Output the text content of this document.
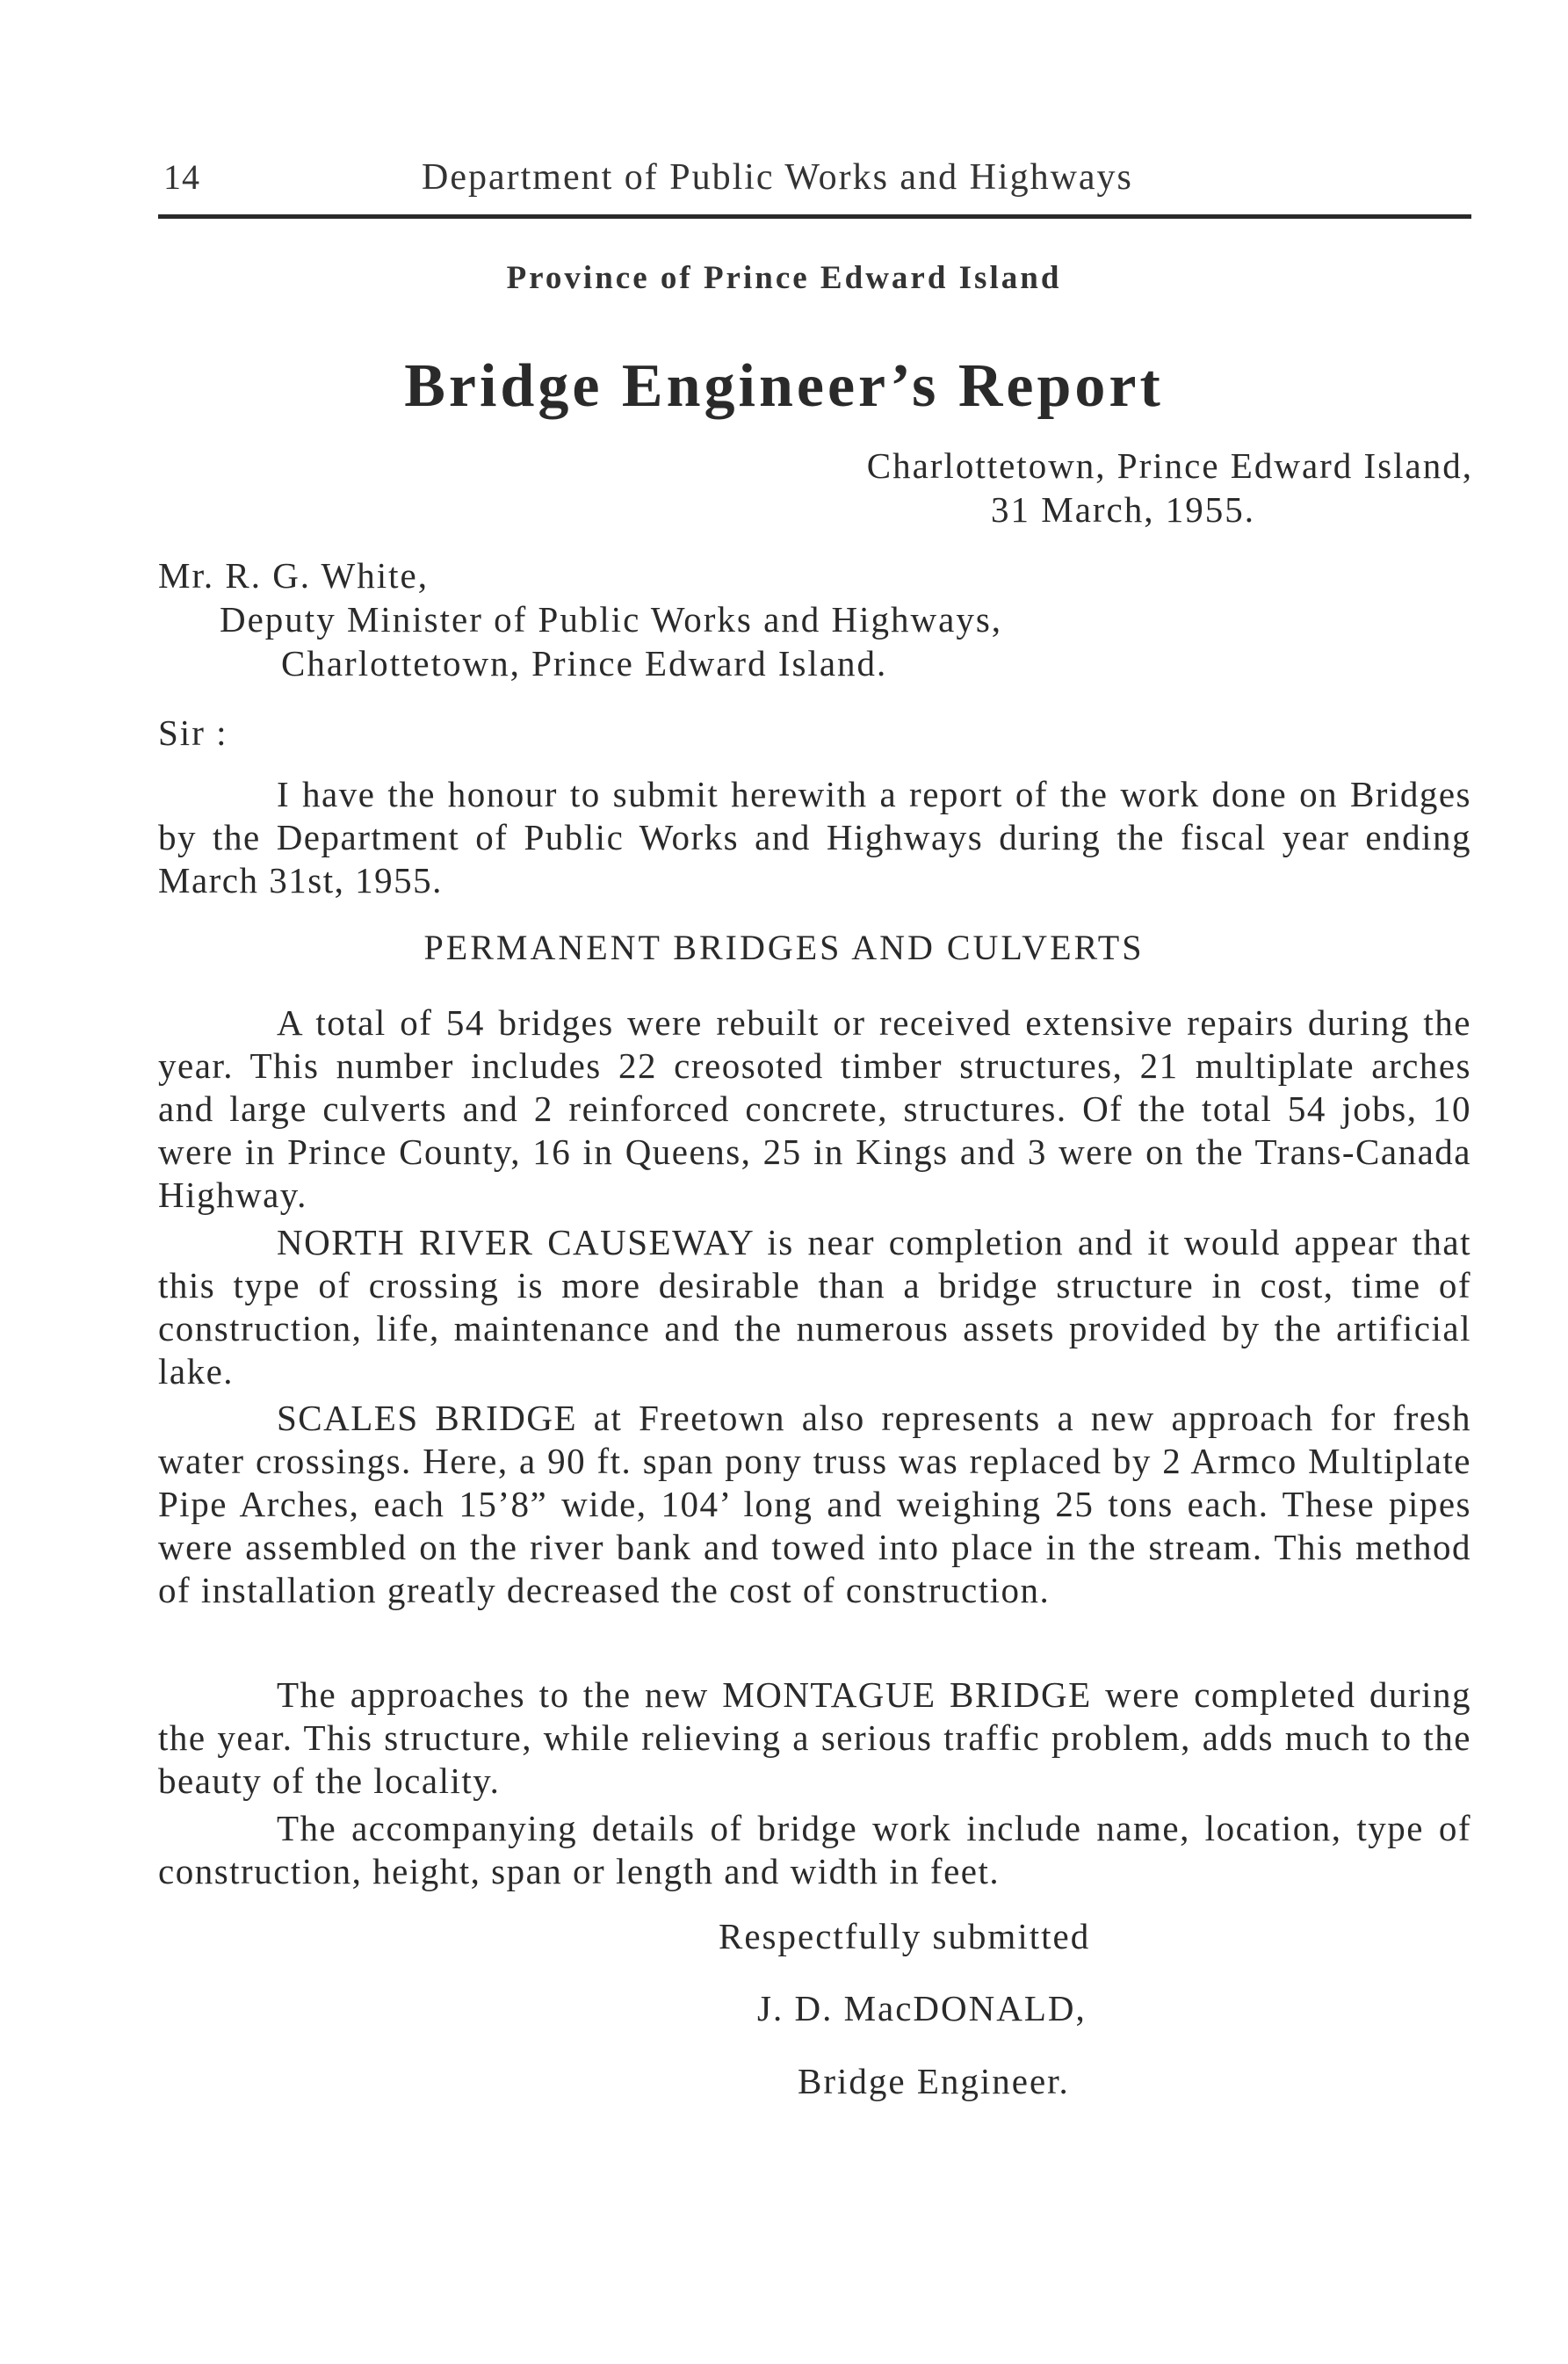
14	Department of Public Works and Highways
Province of Prince Edward Island
Bridge Engineer’s Report
Charlottetown, Prince Edward Island,
31 March, 1955.
Mr. R. G. White,
Deputy Minister of Public Works and Highways,
Charlottetown, Prince Edward Island.
Sir :

I have the honour to submit herewith a report of the work done on Bridges by the Department of Public Works and Highways during the fiscal year ending March 31st, 1955.

PERMANENT BRIDGES AND CULVERTS

A total of 54 bridges were rebuilt or received extensive repairs during the year. This number includes 22 creosoted timber structures, 21 multiplate arches and large culverts and 2 reinforced concrete, structures. Of the total 54 jobs, 10 were in Prince County, 16 in Queens, 25 in Kings and 3 were on the Trans-Canada Highway.

NORTH RIVER CAUSEWAY is near completion and it would appear that this type of crossing is more desirable than a bridge structure in cost, time of construction, life, maintenance and the numerous assets provided by the artificial lake.

SCALES BRIDGE at Freetown also represents a new approach for fresh water crossings. Here, a 90 ft. span pony truss was replaced by 2 Armco Multiplate Pipe Arches, each 15’8” wide, 104’ long and weighing 25 tons each. These pipes were assembled on the river bank and towed into place in the stream. This method of installation greatly decreased the cost of construction.

The approaches to the new MONTAGUE BRIDGE were completed during the year. This structure, while relieving a serious traffic problem, adds much to the beauty of the locality.

The accompanying details of bridge work include name, location, type of construction, height, span or length and width in feet.

Respectfully submitted
J. D. MacDONALD,
Bridge Engineer.
